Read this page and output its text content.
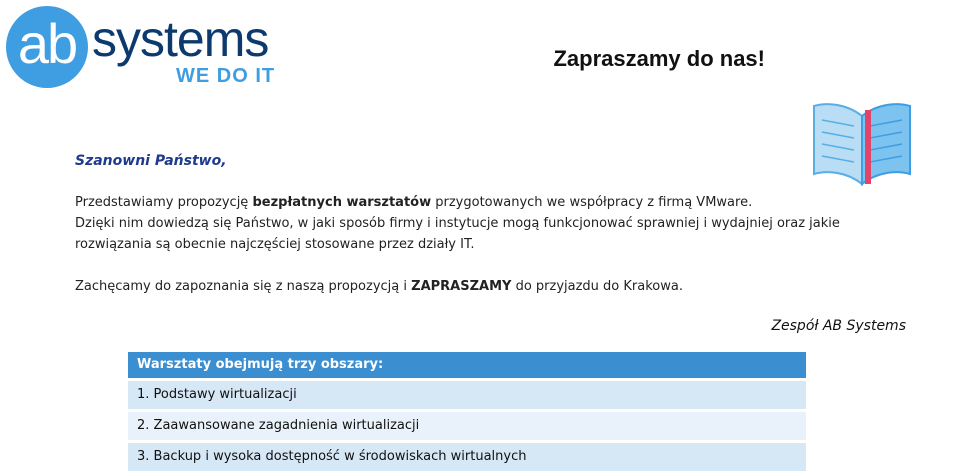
ab systems
WE DO IT
Zapraszamy do nas!
Szanowni Państwo,
Przedstawiamy propozycję bezpłatnych warsztatów przygotowanych we współpracy z firmą VMware.
Dzięki nim dowiedzą się Państwo, w jaki sposób firmy i instytucje mogą funkcjonować sprawniej i wydajniej oraz jakie rozwiązania są obecnie najczęściej stosowane przez działy IT.
Zachęcamy do zapoznania się z naszą propozycją i ZAPRASZAMY do przyjazdu do Krakowa.
Zespół AB Systems
Warsztaty obejmują trzy obszary:
1. Podstawy wirtualizacji
2. Zaawansowane zagadnienia wirtualizacji
3. Backup i wysoka dostępność w środowiskach wirtualnych
